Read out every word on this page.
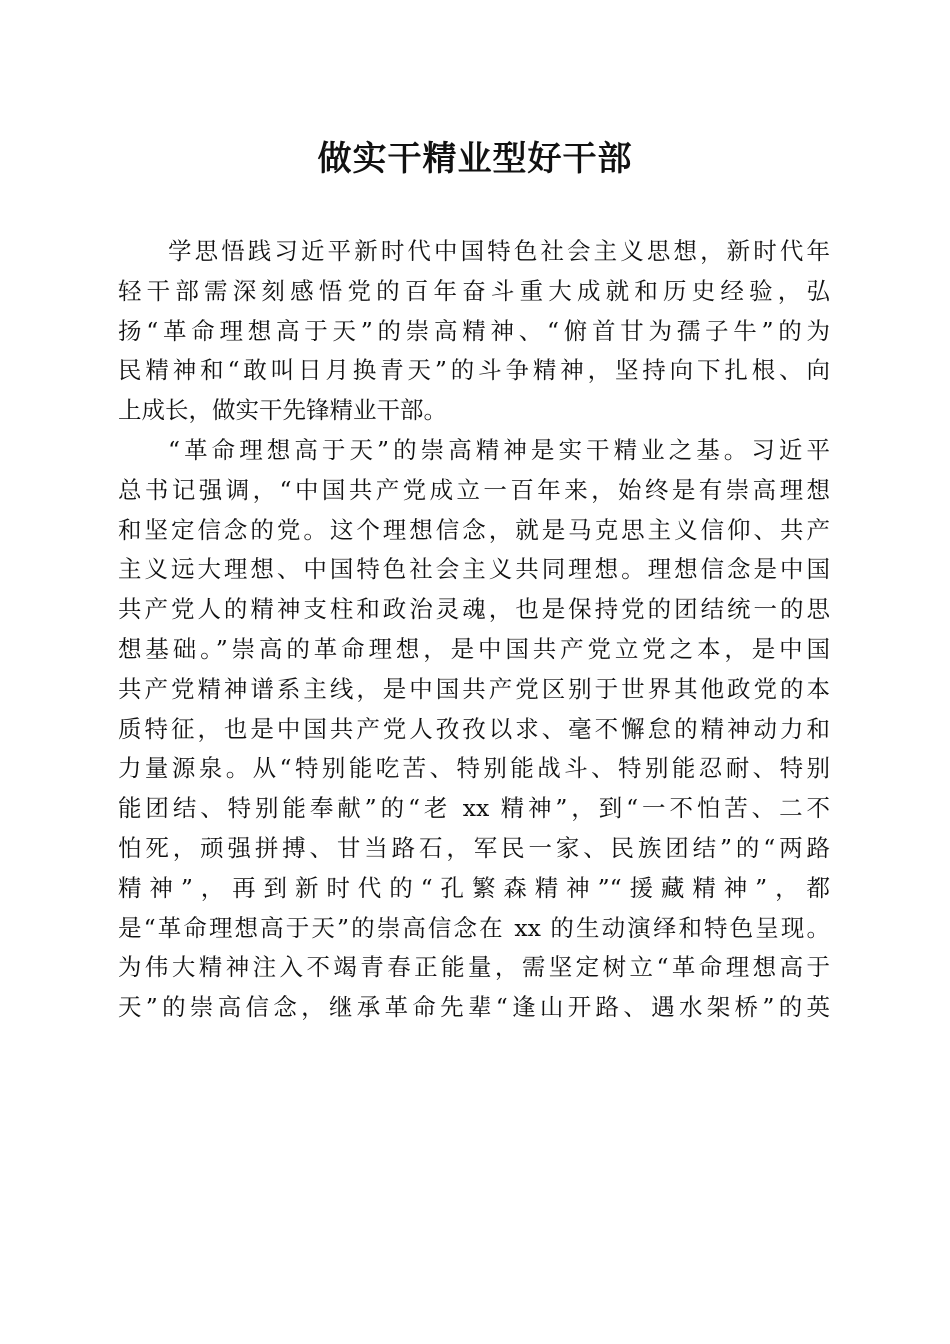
做实干精业型好干部
学思悟践习近平新时代中国特色社会主义思想，新时代年
轻干部需深刻感悟党的百年奋斗重大成就和历史经验，弘
扬“革命理想高于天”的崇高精神、“俯首甘为孺子牛”的为
民精神和“敢叫日月换青天”的斗争精神，坚持向下扎根、向
上成长，做实干先锋精业干部。
“革命理想高于天”的崇高精神是实干精业之基。习近平
总书记强调，“中国共产党成立一百年来，始终是有崇高理想
和坚定信念的党。这个理想信念，就是马克思主义信仰、共产
主义远大理想、中国特色社会主义共同理想。理想信念是中国
共产党人的精神支柱和政治灵魂，也是保持党的团结统一的思
想基础。”崇高的革命理想，是中国共产党立党之本，是中国
共产党精神谱系主线，是中国共产党区别于世界其他政党的本
质特征，也是中国共产党人孜孜以求、毫不懈怠的精神动力和
力量源泉。从“特别能吃苦、特别能战斗、特别能忍耐、特别
能团结、特别能奉献”的“老 xx 精神”，到“一不怕苦、二不
怕死，顽强拼搏、甘当路石，军民一家、民族团结”的“两路
精神”，再到新时代的“孔繁森精神”“援藏精神”，都
是“革命理想高于天”的崇高信念在 xx 的生动演绎和特色呈现。
为伟大精神注入不竭青春正能量，需坚定树立“革命理想高于
天”的崇高信念，继承革命先辈“逢山开路、遇水架桥”的英
